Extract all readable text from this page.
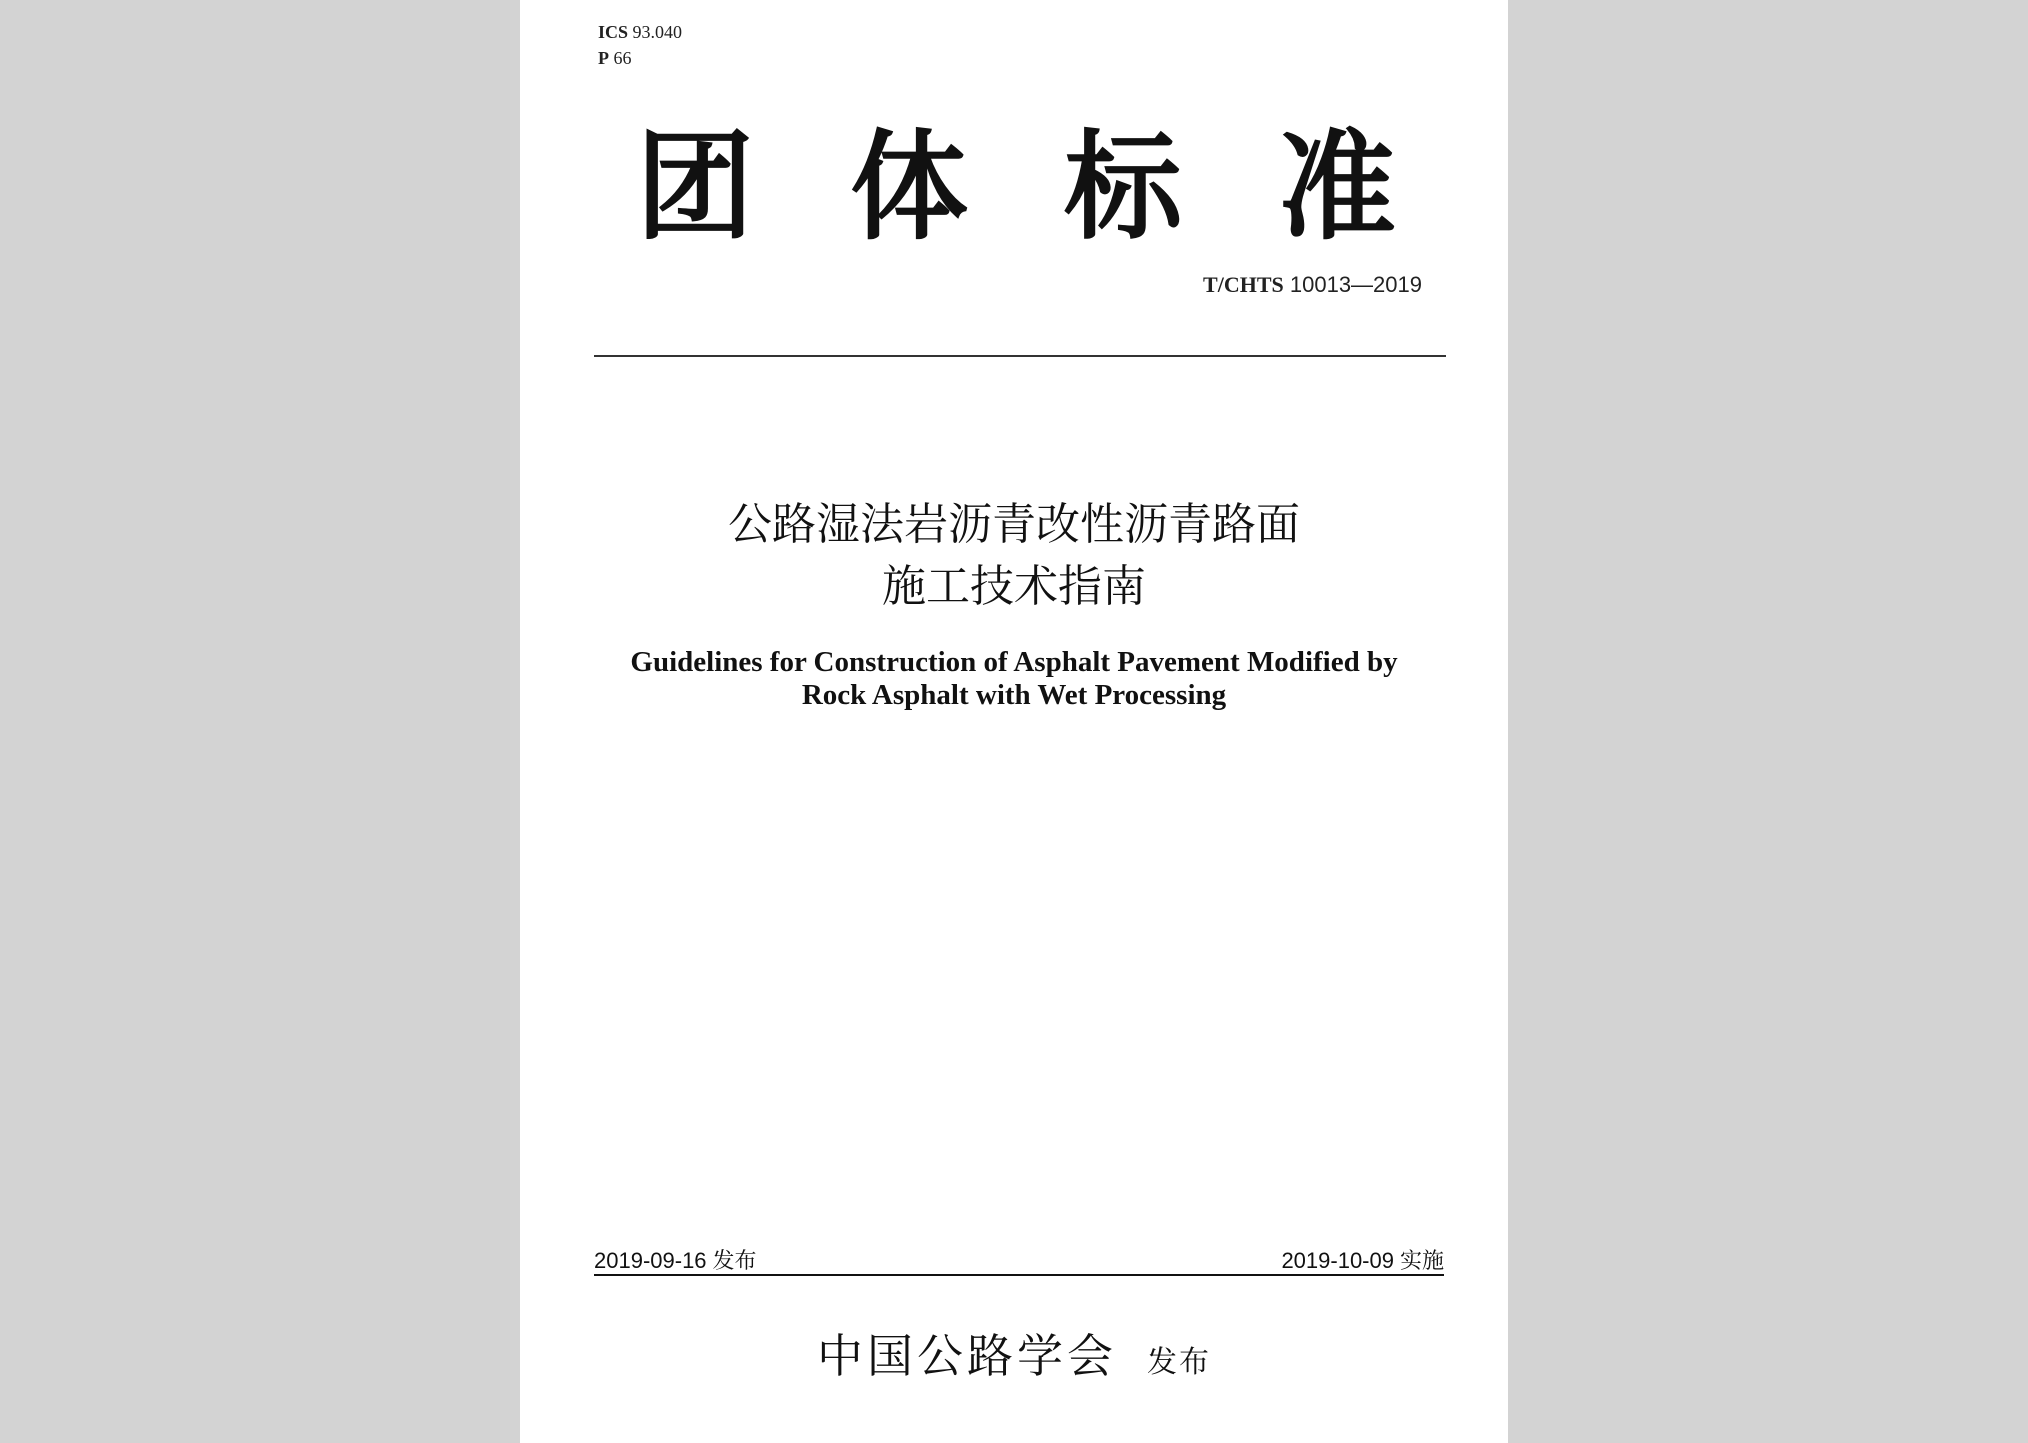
ICS 93.040
P 66
团 体 标 准
T/CHTS 10013—2019
公路湿法岩沥青改性沥青路面
施工技术指南
Guidelines for Construction of Asphalt Pavement Modified by
Rock Asphalt with Wet Processing
2019-09-16 发布	2019-10-09 实施
中国公路学会 发布
